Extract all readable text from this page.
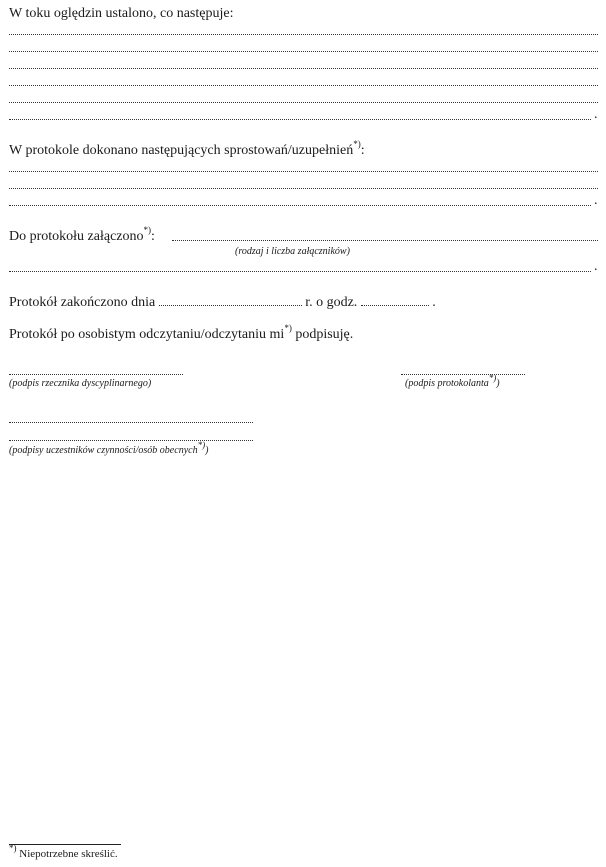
W toku oględzin ustalono, co następuje:
.
W protokole dokonano następujących sprostowań/uzupełnień*):
.
Do protokołu załączono*):
(rodzaj i liczba załączników)
.
Protokół zakończono dnia	r. o godz.	.
Protokół po osobistym odczytaniu/odczytaniu mi*) podpisuję.
(podpis rzecznika dyscyplinarnego)	(podpis protokolanta*))
(podpisy uczestników czynności/osób obecnych*))
*) Niepotrzebne skreślić.
